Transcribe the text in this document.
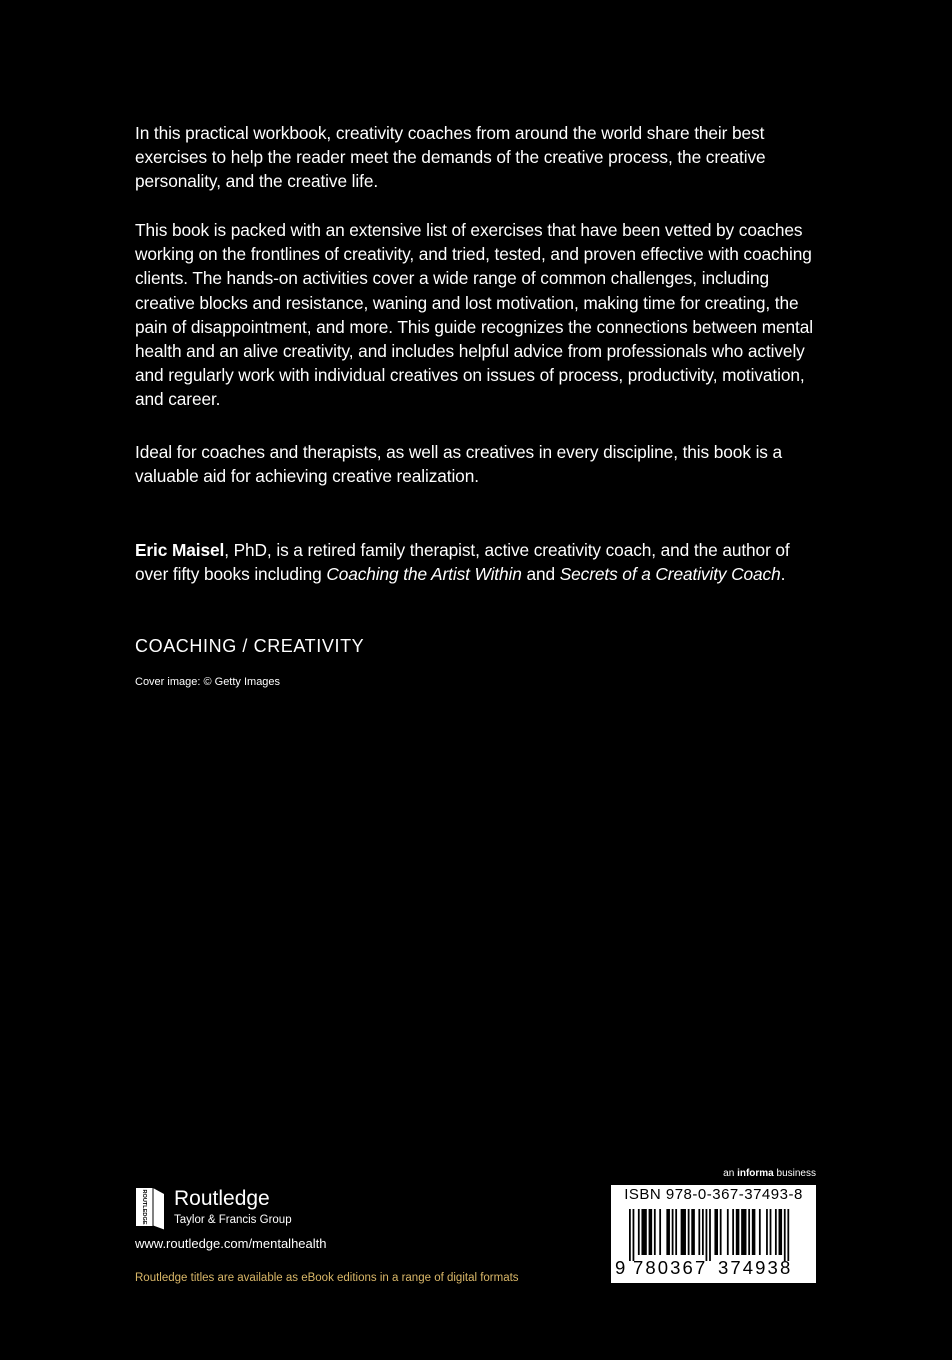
In this practical workbook, creativity coaches from around the world share their best exercises to help the reader meet the demands of the creative process, the creative personality, and the creative life.

This book is packed with an extensive list of exercises that have been vetted by coaches working on the frontlines of creativity, and tried, tested, and proven effective with coaching clients. The hands-on activities cover a wide range of common challenges, including creative blocks and resistance, waning and lost motivation, making time for creating, the pain of disappointment, and more. This guide recognizes the connections between mental health and an alive creativity, and includes helpful advice from professionals who actively and regularly work with individual creatives on issues of process, productivity, motivation, and career.

Ideal for coaches and therapists, as well as creatives in every discipline, this book is a valuable aid for achieving creative realization.

Eric Maisel, PhD, is a retired family therapist, active creativity coach, and the author of over fifty books including Coaching the Artist Within and Secrets of a Creativity Coach.

COACHING / CREATIVITY

Cover image: © Getty Images

ROUTLEDGE Routledge
Taylor & Francis Group
www.routledge.com/mentalhealth
Routledge titles are available as eBook editions in a range of digital formats
an informa business
ISBN 978-0-367-37493-8
9 780367 374938
